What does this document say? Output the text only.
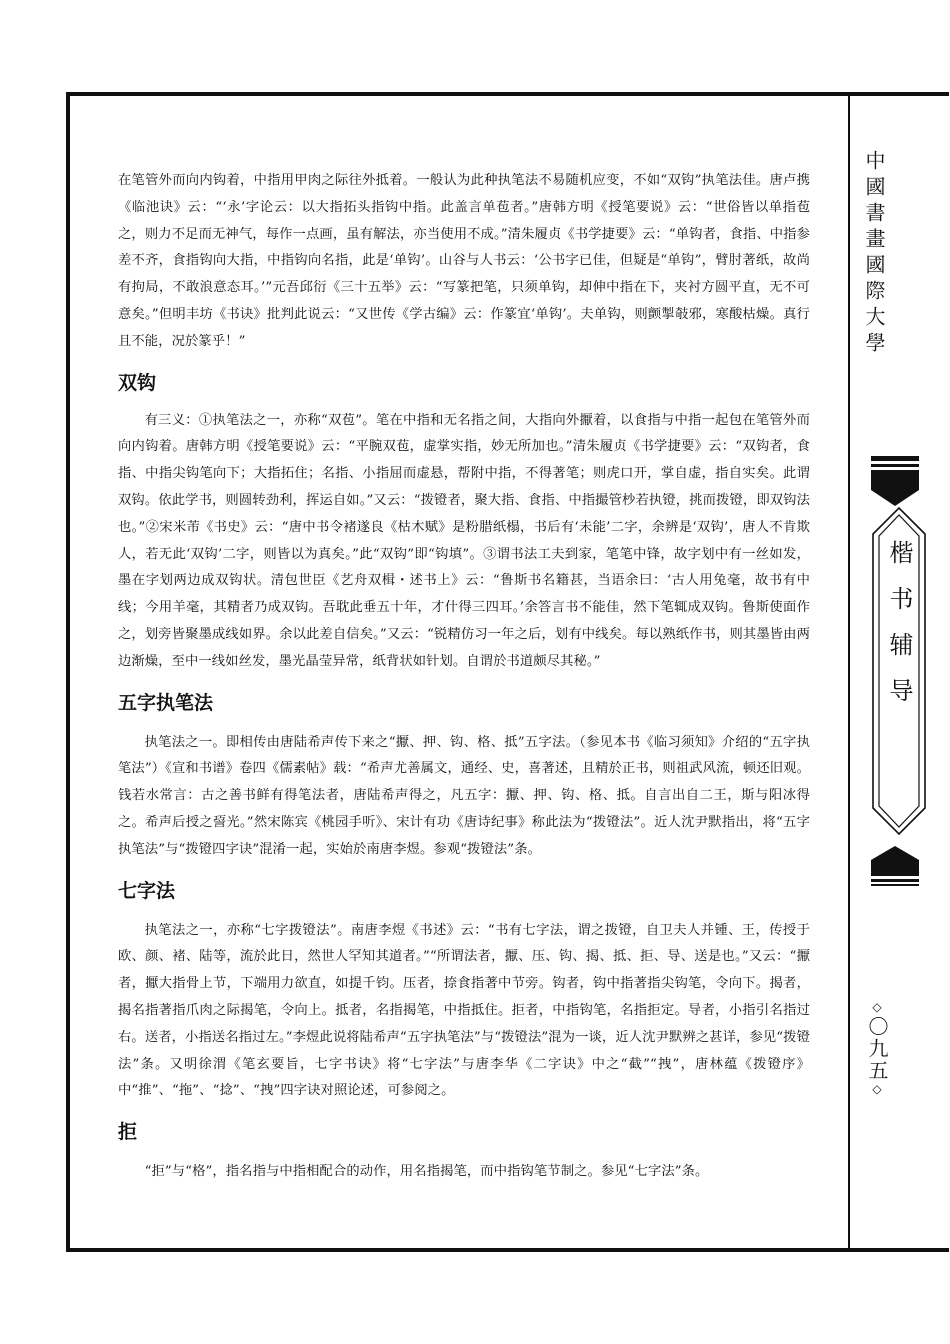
在笔管外而向内钩着，中指用甲肉之际往外抵着。一般认为此种执笔法不易随机应变，不如“双钩”执笔法佳。唐卢携《临池诀》云：“‘永’字论云：以大指拓头指钩中指。此盖言单苞者。”唐韩方明《授笔要说》云：“世俗皆以单指苞之，则力不足而无神气，每作一点画，虽有解法，亦当使用不成。”清朱履贞《书学捷要》云：“单钩者，食指、中指参差不齐，食指钩向大指，中指钩向名指，此是‘单钩’。山谷与人书云：‘公书字已佳，但疑是“单钩”，臂肘著纸，故尚有拘局，不敢浪意态耳。’”元吾邱衍《三十五举》云：“写篆把笔，只须单钩，却伸中指在下，夹衬方圆平直，无不可意矣。”但明丰坊《书诀》批判此说云：“又世传《学古编》云：作篆宜‘单钩’。夫单钩，则颤掣攲邪，寒酸枯燥。真行且不能，况於篆乎！”

双钩

有三义：①执笔法之一，亦称“双苞”。笔在中指和无名指之间，大指向外擫着，以食指与中指一起包在笔管外而向内钩着。唐韩方明《授笔要说》云：“平腕双苞，虚掌实指，妙无所加也。”清朱履贞《书学捷要》云：“双钩者，食指、中指尖钩笔向下；大指拓住；名指、小指屈而虚悬，帮附中指，不得著笔；则虎口开，掌自虚，指自实矣。此谓双钩。依此学书，则圆转劲利，挥运自如。”又云：“拨镫者，聚大指、食指、中指撮管杪若执镫，挑而拨镫，即双钩法也。”②宋米芾《书史》云：“唐中书令褚遂良《枯木赋》是粉腊纸榻，书后有‘未能’二字，余辨是‘双钩’，唐人不肯欺人，若无此‘双钩’二字，则皆以为真矣。”此“双钩”即“钩填”。③谓书法工夫到家，笔笔中锋，故字划中有一丝如发，墨在字划两边成双钩状。清包世臣《艺舟双楫・述书上》云：“鲁斯书名籍甚，当语余曰：‘古人用兔毫，故书有中线；今用羊毫，其精者乃成双钩。吾耽此垂五十年，才什得三四耳。’余答言书不能佳，然下笔辄成双钩。鲁斯使面作之，划旁皆聚墨成线如界。余以此差自信矣。”又云：“锐精仿习一年之后，划有中线矣。每以熟纸作书，则其墨皆由两边渐燥，至中一线如丝发，墨光晶莹异常，纸背状如针划。自谓於书道颇尽其秘。”

五字执笔法

执笔法之一。即相传由唐陆希声传下来之“擫、押、钩、格、抵”五字法。（参见本书《临习须知》介绍的“五字执笔法”）《宣和书谱》卷四《儒素帖》载：“希声尤善属文，通经、史，喜著述，且精於正书，则祖武风流，顿还旧观。钱若水常言：古之善书鲜有得笔法者，唐陆希声得之，凡五字：擫、押、钩、格、抵。自言出自二王，斯与阳冰得之。希声后授之䛒光。”然宋陈宾《桃园手听》、宋计有功《唐诗纪事》称此法为“拨镫法”。近人沈尹默指出，将“五字执笔法”与“拨镫四字诀”混淆一起，实始於南唐李煜。参观“拨镫法”条。

七字法

执笔法之一，亦称“七字拨镫法”。南唐李煜《书述》云：“书有七字法，谓之拨镫，自卫夫人并锺、王，传授于欧、颜、褚、陆等，流於此日，然世人罕知其道者。”“所谓法者，擫、压、钩、揭、抵、拒、导、送是也。”又云：“擫者，擫大指骨上节，下端用力欲直，如提千钧。压者，捺食指著中节旁。钩者，钩中指著指尖钩笔，令向下。揭者，揭名指著指爪肉之际揭笔，令向上。抵者，名指揭笔，中指抵住。拒者，中指钩笔，名指拒定。导者，小指引名指过右。送者，小指送名指过左。”李煜此说将陆希声“五字执笔法”与“拨镫法”混为一谈，近人沈尹默辨之甚详，参见“拨镫法”条。又明徐渭《笔玄要旨，七字书诀》将“七字法”与唐李华《二字诀》中之“截”“拽”，唐林蕴《拨镫序》中“推”、“拖”、“捻”、“拽”四字诀对照论述，可参阅之。

拒

“拒”与“格”，指名指与中指相配合的动作，用名指揭笔，而中指钩笔节制之。参见“七字法”条。

中國書畫國際大學
楷书辅导
◇〇九五◇
